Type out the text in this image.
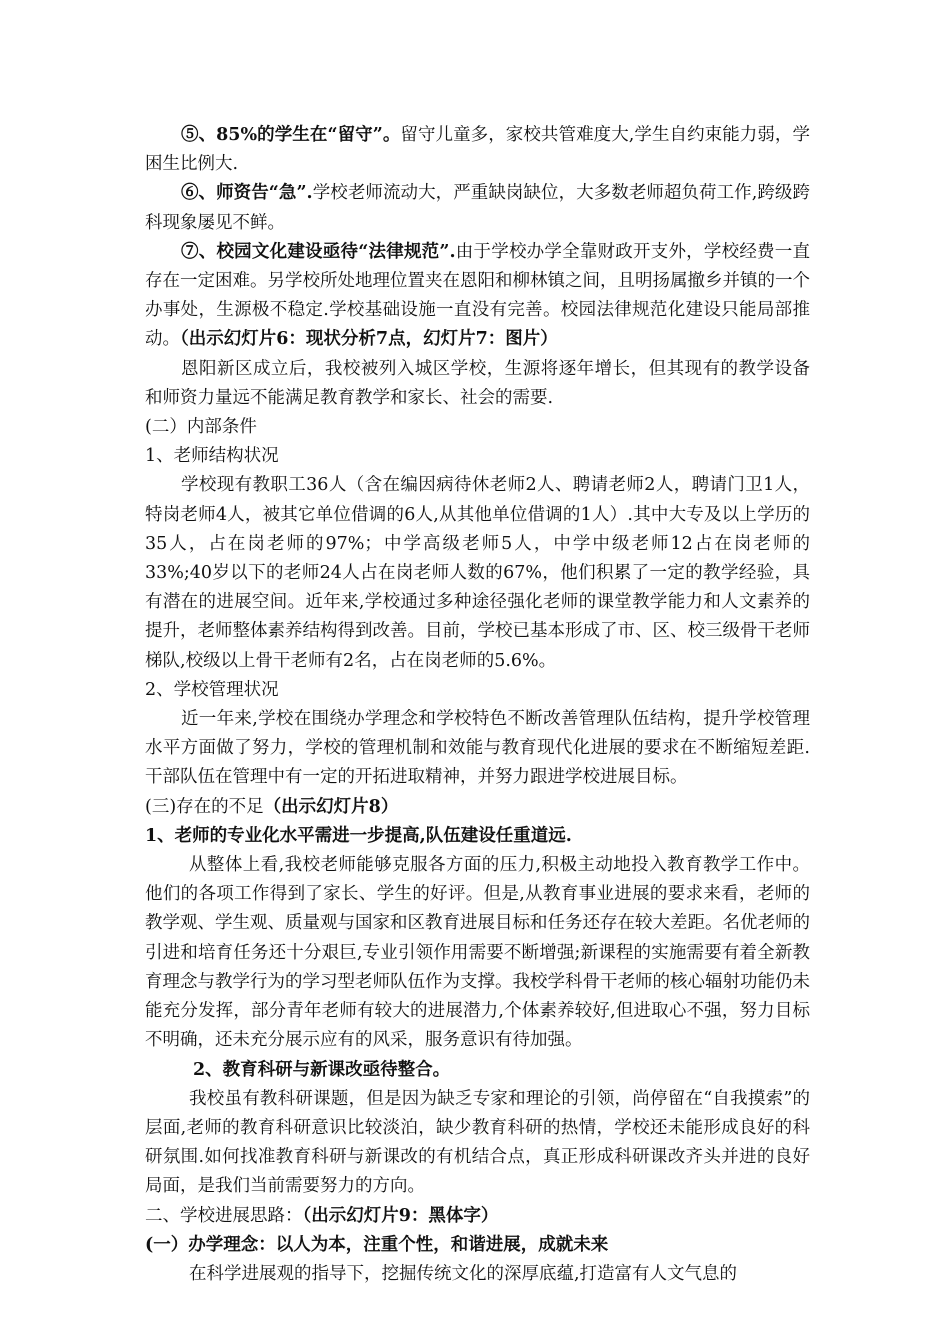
⑤、85%的学生在“留守”。留守儿童多，家校共管难度大,学生自约束能力弱，学困生比例大.

⑥、师资告“急”.学校老师流动大，严重缺岗缺位，大多数老师超负荷工作,跨级跨科现象屡见不鲜。

⑦、校园文化建设亟待“法律规范”.由于学校办学全靠财政开支外，学校经费一直存在一定困难。另学校所处地理位置夹在恩阳和柳林镇之间，且明扬属撤乡并镇的一个办事处，生源极不稳定.学校基础设施一直没有完善。校园法律规范化建设只能局部推动。（出示幻灯片6：现状分析7点，幻灯片7：图片）

恩阳新区成立后，我校被列入城区学校，生源将逐年增长，但其现有的教学设备和师资力量远不能满足教育教学和家长、社会的需要.

(二）内部条件

1、老师结构状况

学校现有教职工36人（含在编因病待休老师2人、聘请老师2人，聘请门卫1人，特岗老师4人，被其它单位借调的6人,从其他单位借调的1人）.其中大专及以上学历的35人，占在岗老师的97%；中学高级老师5人，中学中级老师12占在岗老师的33%;40岁以下的老师24人占在岗老师人数的67%，他们积累了一定的教学经验，具有潜在的进展空间。近年来,学校通过多种途径强化老师的课堂教学能力和人文素养的提升，老师整体素养结构得到改善。目前，学校已基本形成了市、区、校三级骨干老师梯队,校级以上骨干老师有2名，占在岗老师的5.6%。

2、学校管理状况

近一年来,学校在围绕办学理念和学校特色不断改善管理队伍结构，提升学校管理水平方面做了努力，学校的管理机制和效能与教育现代化进展的要求在不断缩短差距.干部队伍在管理中有一定的开拓进取精神，并努力跟进学校进展目标。

(三)存在的不足（出示幻灯片8）

1、老师的专业化水平需进一步提高,队伍建设任重道远.

从整体上看,我校老师能够克服各方面的压力,积极主动地投入教育教学工作中。他们的各项工作得到了家长、学生的好评。但是,从教育事业进展的要求来看，老师的教学观、学生观、质量观与国家和区教育进展目标和任务还存在较大差距。名优老师的引进和培育任务还十分艰巨,专业引领作用需要不断增强;新课程的实施需要有着全新教育理念与教学行为的学习型老师队伍作为支撑。我校学科骨干老师的核心辐射功能仍未能充分发挥，部分青年老师有较大的进展潜力,个体素养较好,但进取心不强，努力目标不明确，还未充分展示应有的风采，服务意识有待加强。

2、教育科研与新课改亟待整合。

我校虽有教科研课题，但是因为缺乏专家和理论的引领，尚停留在“自我摸索”的层面,老师的教育科研意识比较淡泊，缺少教育科研的热情，学校还未能形成良好的科研氛围.如何找准教育科研与新课改的有机结合点，真正形成科研课改齐头并进的良好局面，是我们当前需要努力的方向。

二、学校进展思路：（出示幻灯片9：黑体字）

(一）办学理念：以人为本，注重个性，和谐进展，成就未来

在科学进展观的指导下，挖掘传统文化的深厚底蕴,打造富有人文气息的
